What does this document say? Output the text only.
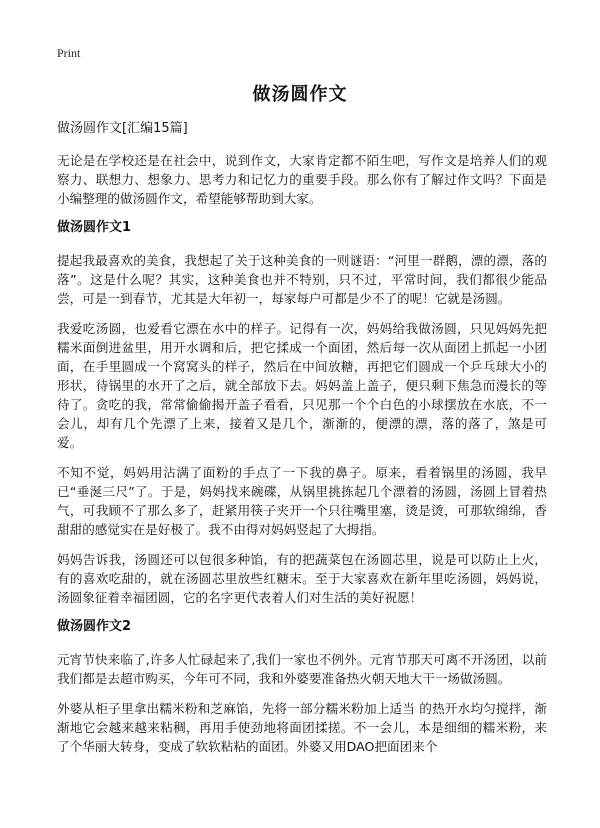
Print
做汤圆作文

做汤圆作文[汇编15篇]

无论是在学校还是在社会中，说到作文，大家肯定都不陌生吧，写作文是培养人们的观察力、联想力、想象力、思考力和记忆力的重要手段。那么你有了解过作文吗？下面是小编整理的做汤圆作文，希望能够帮助到大家。

做汤圆作文1

提起我最喜欢的美食，我想起了关于这种美食的一则谜语：“河里一群鹅，漂的漂，落的落”。这是什么呢？其实，这种美食也并不特别，只不过，平常时间，我们都很少能品尝，可是一到春节，尤其是大年初一，每家每户可都是少不了的呢！它就是汤圆。

我爱吃汤圆，也爱看它漂在水中的样子。记得有一次，妈妈给我做汤圆，只见妈妈先把糯米面倒进盆里，用开水调和后，把它揉成一个面团，然后每一次从面团上抓起一小团面，在手里圆成一个窝窝头的样子，然后在中间放糖，再把它们圆成一个乒乓球大小的形状，待锅里的水开了之后，就全部放下去。妈妈盖上盖子，便只剩下焦急而漫长的等待了。贪吃的我，常常偷偷揭开盖子看看，只见那一个个白色的小球摆放在水底，不一会儿，却有几个先漂了上来，接着又是几个，渐渐的，便漂的漂，落的落了，煞是可爱。

不知不觉，妈妈用沾满了面粉的手点了一下我的鼻子。原来，看着锅里的汤圆，我早已“垂涎三尺”了。于是，妈妈找来碗碟，从锅里挑拣起几个漂着的汤圆，汤圆上冒着热气，可我顾不了那么多了，赶紧用筷子夹开一个只往嘴里塞，烫是烫，可那软绵绵，香甜甜的感觉实在是好极了。我不由得对妈妈竖起了大拇指。

妈妈告诉我，汤圆还可以包很多种馅，有的把蔬菜包在汤圆芯里，说是可以防止上火，有的喜欢吃甜的，就在汤圆芯里放些红糖末。至于大家喜欢在新年里吃汤圆，妈妈说，汤圆象征着幸福团圆，它的名字更代表着人们对生活的美好祝愿！

做汤圆作文2

元宵节快来临了,许多人忙碌起来了,我们一家也不例外。元宵节那天可离不开汤团，以前我们都是去超市购买，今年可不同，我和外婆要准备热火朝天地大干一场做汤圆。

外婆从柜子里拿出糯米粉和芝麻馅，先将一部分糯米粉加上适当 的热开水均匀搅拌，渐渐地它会越来越来粘稠，再用手使劲地将面团揉搓。不一会儿，本是细细的糯米粉，来了个华丽大转身，变成了软软粘粘的面团。外婆又用DAO把面团来个
